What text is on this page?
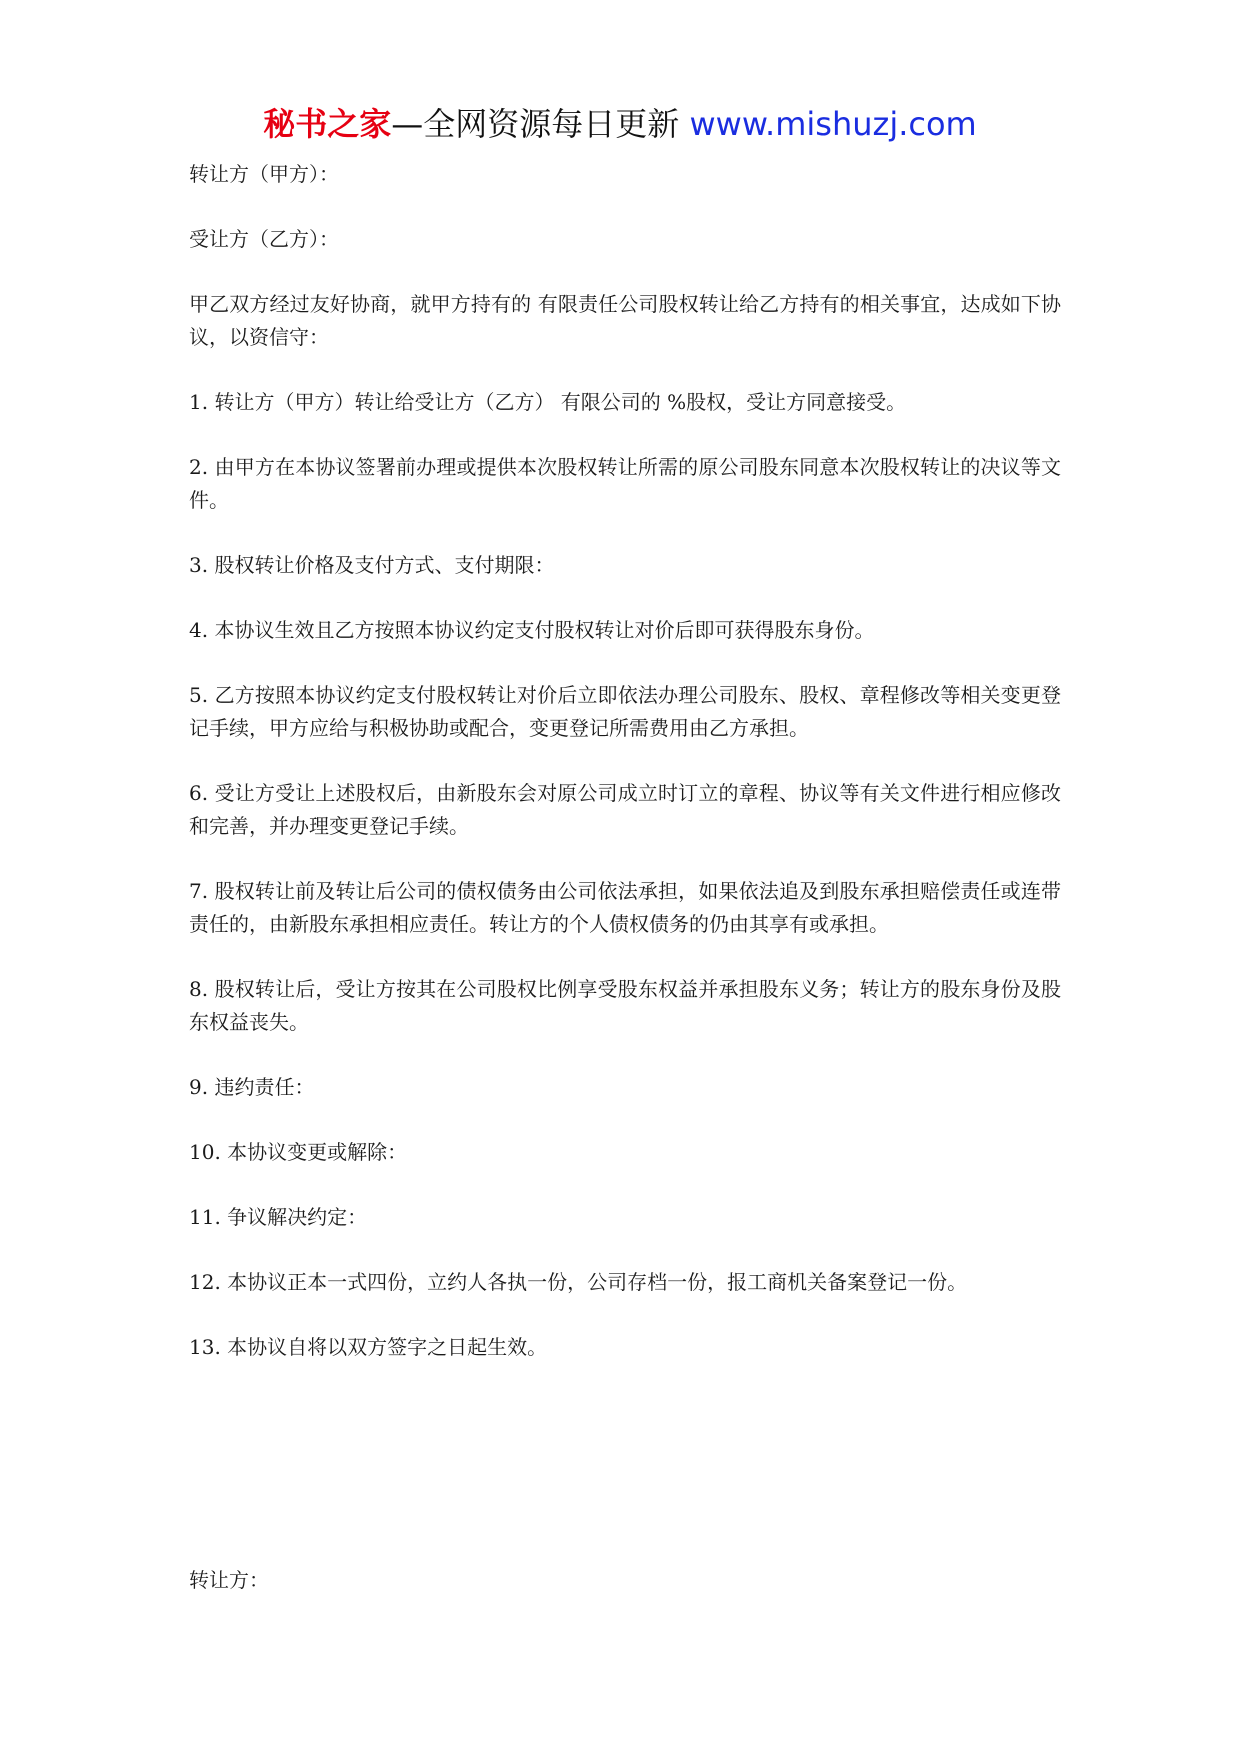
秘书之家—全网资源每日更新 www.mishuzj.com

转让方（甲方）：

受让方（乙方）：

甲乙双方经过友好协商，就甲方持有的 有限责任公司股权转让给乙方持有的相关事宜，达成如下协议，以资信守：

1. 转让方（甲方）转让给受让方（乙方） 有限公司的 %股权，受让方同意接受。

2. 由甲方在本协议签署前办理或提供本次股权转让所需的原公司股东同意本次股权转让的决议等文件。

3. 股权转让价格及支付方式、支付期限：

4. 本协议生效且乙方按照本协议约定支付股权转让对价后即可获得股东身份。

5. 乙方按照本协议约定支付股权转让对价后立即依法办理公司股东、股权、章程修改等相关变更登记手续，甲方应给与积极协助或配合，变更登记所需费用由乙方承担。

6. 受让方受让上述股权后，由新股东会对原公司成立时订立的章程、协议等有关文件进行相应修改和完善，并办理变更登记手续。

7. 股权转让前及转让后公司的债权债务由公司依法承担，如果依法追及到股东承担赔偿责任或连带责任的，由新股东承担相应责任。转让方的个人债权债务的仍由其享有或承担。

8. 股权转让后，受让方按其在公司股权比例享受股东权益并承担股东义务；转让方的股东身份及股东权益丧失。

9. 违约责任：

10. 本协议变更或解除：

11. 争议解决约定：

12. 本协议正本一式四份，立约人各执一份，公司存档一份，报工商机关备案登记一份。

13. 本协议自将以双方签字之日起生效。

转让方：
